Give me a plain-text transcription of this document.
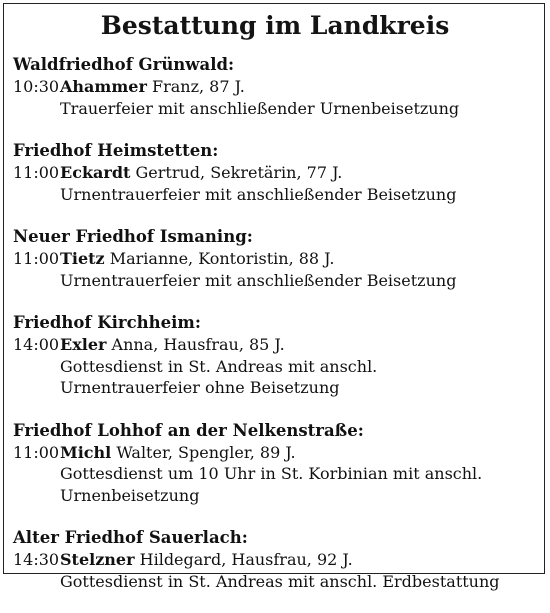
Bestattung im Landkreis
Waldfriedhof Grünwald:
10:30 Ahammer Franz, 87 J.
Trauerfeier mit anschließender Urnenbeisetzung
Friedhof Heimstetten:
11:00 Eckardt Gertrud, Sekretärin, 77 J.
Urnentrauerfeier mit anschließender Beisetzung
Neuer Friedhof Ismaning:
11:00 Tietz Marianne, Kontoristin, 88 J.
Urnentrauerfeier mit anschließender Beisetzung
Friedhof Kirchheim:
14:00 Exler Anna, Hausfrau, 85 J.
Gottesdienst in St. Andreas mit anschl. Urnentrauerfeier ohne Beisetzung
Friedhof Lohhof an der Nelkenstraße:
11:00 Michl Walter, Spengler, 89 J.
Gottesdienst um 10 Uhr in St. Korbinian mit anschl. Urnenbeisetzung
Alter Friedhof Sauerlach:
14:30 Stelzner Hildegard, Hausfrau, 92 J.
Gottesdienst in St. Andreas mit anschl. Erdbestattung
